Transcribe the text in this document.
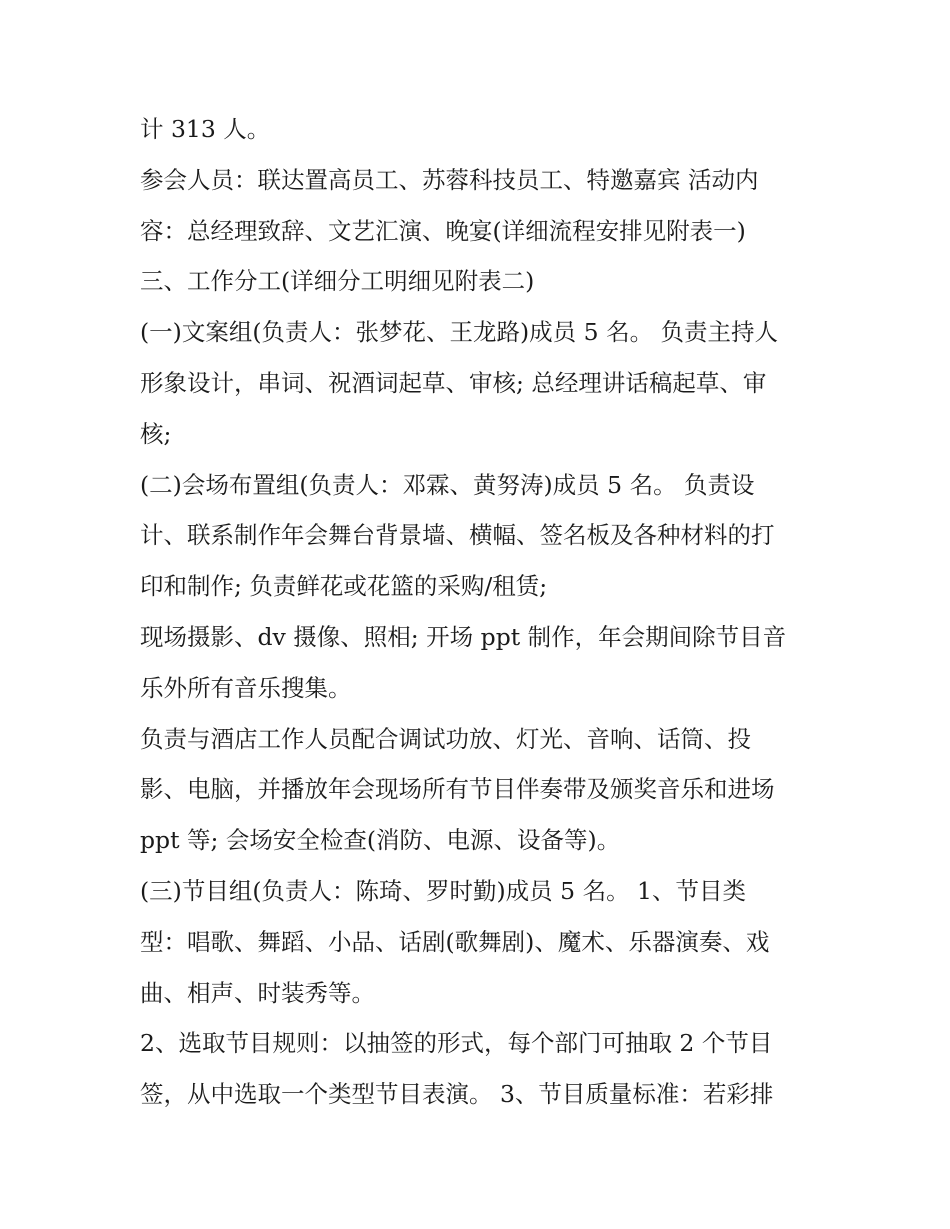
计 313 人。
参会人员：联达置高员工、苏蓉科技员工、特邀嘉宾 活动内
容：总经理致辞、文艺汇演、晚宴(详细流程安排见附表一)
三、工作分工(详细分工明细见附表二)
(一)文案组(负责人：张梦花、王龙路)成员 5 名。 负责主持人
形象设计，串词、祝酒词起草、审核; 总经理讲话稿起草、审
核;
(二)会场布置组(负责人：邓霖、黄努涛)成员 5 名。 负责设
计、联系制作年会舞台背景墙、横幅、签名板及各种材料的打
印和制作; 负责鲜花或花篮的采购/租赁;
现场摄影、dv 摄像、照相; 开场 ppt 制作，年会期间除节目音
乐外所有音乐搜集。
负责与酒店工作人员配合调试功放、灯光、音响、话筒、投
影、电脑，并播放年会现场所有节目伴奏带及颁奖音乐和进场
ppt 等; 会场安全检查(消防、电源、设备等)。
(三)节目组(负责人：陈琦、罗时勤)成员 5 名。 1、节目类
型：唱歌、舞蹈、小品、话剧(歌舞剧)、魔术、乐器演奏、戏
曲、相声、时装秀等。
2、选取节目规则：以抽签的形式，每个部门可抽取 2 个节目
签，从中选取一个类型节目表演。 3、节目质量标准：若彩排
